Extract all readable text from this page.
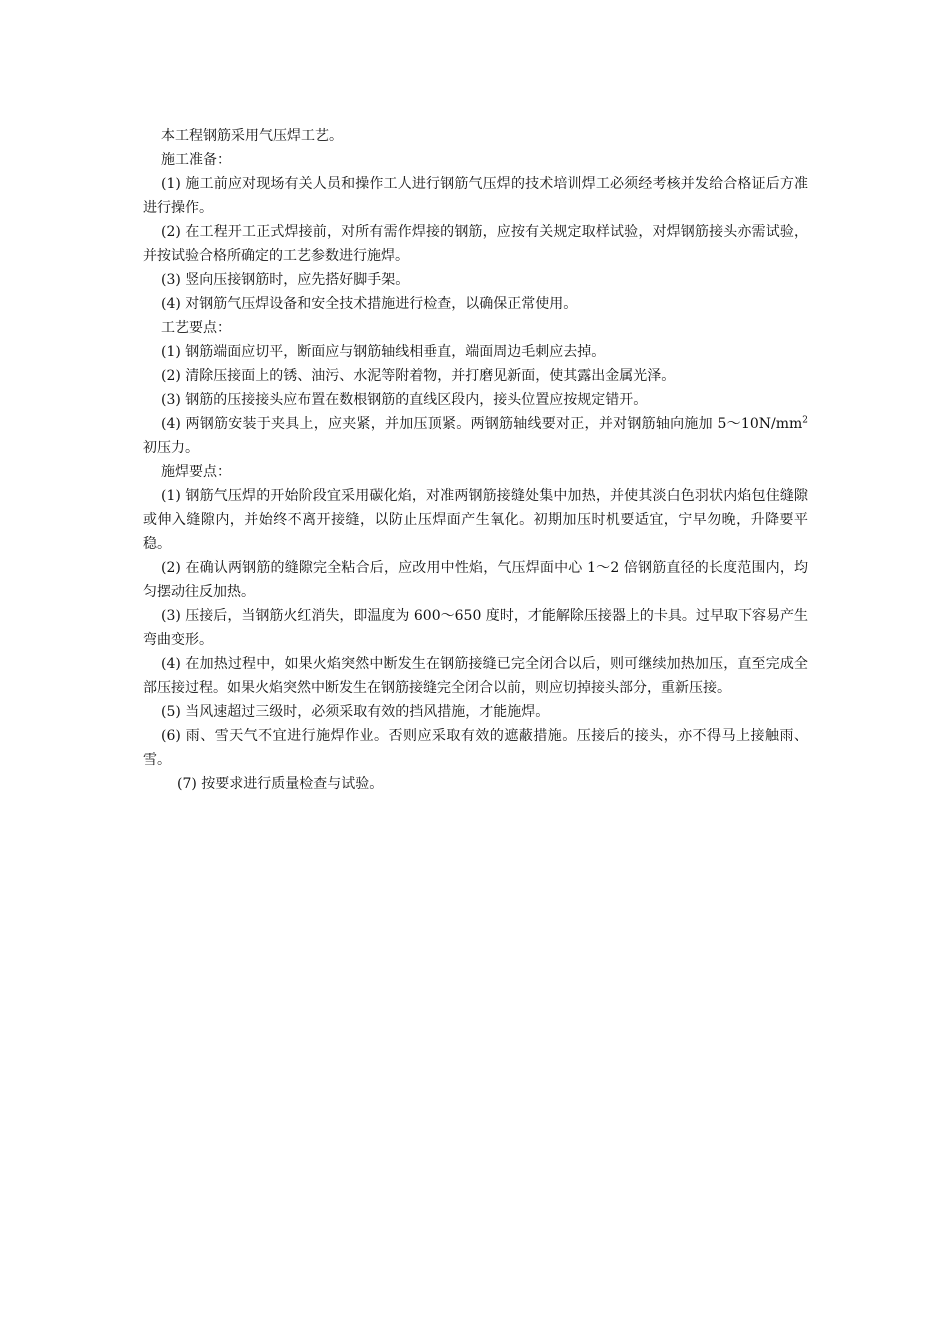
本工程钢筋采用气压焊工艺。

施工准备：

(1) 施工前应对现场有关人员和操作工人进行钢筋气压焊的技术培训焊工必须经考核并发给合格证后方准进行操作。

(2) 在工程开工正式焊接前，对所有需作焊接的钢筋，应按有关规定取样试验，对焊钢筋接头亦需试验，并按试验合格所确定的工艺参数进行施焊。

(3) 竖向压接钢筋时，应先搭好脚手架。

(4) 对钢筋气压焊设备和安全技术措施进行检查，以确保正常使用。

工艺要点：

(1) 钢筋端面应切平，断面应与钢筋轴线相垂直，端面周边毛刺应去掉。

(2) 清除压接面上的锈、油污、水泥等附着物，并打磨见新面，使其露出金属光泽。

(3) 钢筋的压接接头应布置在数根钢筋的直线区段内，接头位置应按规定错开。

(4) 两钢筋安装于夹具上，应夹紧，并加压顶紧。两钢筋轴线要对正，并对钢筋轴向施加 $5\sim 10N/mm^2$初压力。

施焊要点：

(1) 钢筋气压焊的开始阶段宜采用碳化焰，对准两钢筋接缝处集中加热，并使其淡白色羽状内焰包住缝隙或伸入缝隙内，并始终不离开接缝，以防止压焊面产生氧化。初期加压时机要适宜，宁早勿晚，升降要平稳。

(2) 在确认两钢筋的缝隙完全粘合后，应改用中性焰，气压焊面中心 1～2 倍钢筋直径的长度范围内，均匀摆动往反加热。

(3) 压接后，当钢筋火红消失，即温度为 600～650 度时，才能解除压接器上的卡具。过早取下容易产生弯曲变形。

(4) 在加热过程中，如果火焰突然中断发生在钢筋接缝已完全闭合以后，则可继续加热加压，直至完成全部压接过程。如果火焰突然中断发生在钢筋接缝完全闭合以前，则应切掉接头部分，重新压接。

(5) 当风速超过三级时，必须采取有效的挡风措施，才能施焊。

(6) 雨、雪天气不宜进行施焊作业。否则应采取有效的遮蔽措施。压接后的接头，亦不得马上接触雨、雪。

(7) 按要求进行质量检查与试验。
